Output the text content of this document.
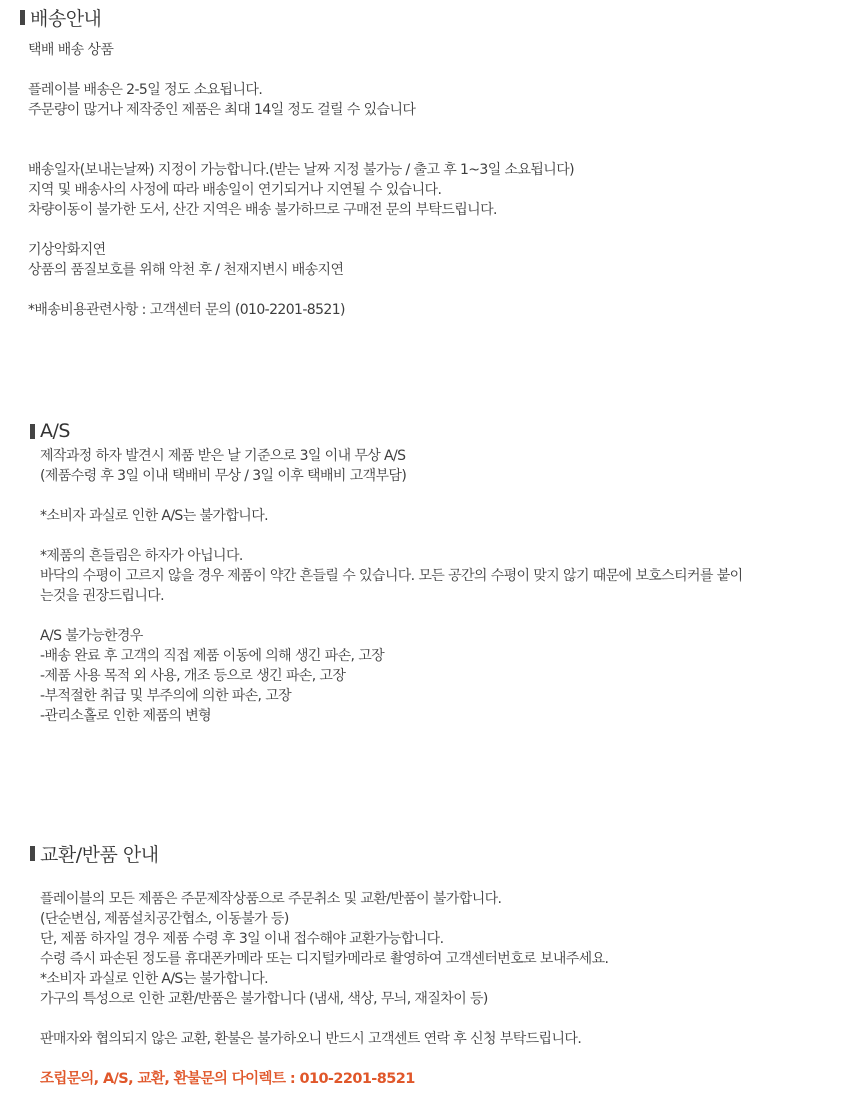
배송안내
택배 배송 상품
플레이블 배송은 2-5일 정도 소요됩니다.
주문량이 많거나 제작중인 제품은 최대 14일 정도 걸릴 수 있습니다
배송일자(보내는날짜) 지정이 가능합니다.(받는 날짜 지정 불가능 / 출고 후 1~3일 소요됩니다)
지역 및 배송사의 사정에 따라 배송일이 연기되거나 지연될 수 있습니다.
차량이동이 불가한 도서, 산간 지역은 배송 불가하므로 구매전 문의 부탁드립니다.
기상악화지연
상품의 품질보호를 위해 악천 후 / 천재지변시 배송지연
*배송비용관련사항 : 고객센터 문의 (010-2201-8521)
A/S
제작과정 하자 발견시 제품 받은 날 기준으로 3일 이내 무상 A/S
(제품수령 후 3일 이내 택배비 무상 / 3일 이후 택배비 고객부담)
*소비자 과실로 인한 A/S는 불가합니다.
*제품의 흔들림은 하자가 아닙니다.
바닥의 수평이 고르지 않을 경우 제품이 약간 흔들릴 수 있습니다. 모든 공간의 수평이 맞지 않기 때문에 보호스티커를 붙이
는것을 권장드립니다.
A/S 불가능한경우
-배송 완료 후 고객의 직접 제품 이동에 의해 생긴 파손, 고장
-제품 사용 목적 외 사용, 개조 등으로 생긴 파손, 고장
-부적절한 취급 및 부주의에 의한 파손, 고장
-관리소홀로 인한 제품의 변형
교환/반품 안내
플레이블의 모든 제품은 주문제작상품으로 주문취소 및 교환/반품이 불가합니다.
(단순변심, 제품설치공간협소, 이동불가 등)
단, 제품 하자일 경우 제품 수령 후 3일 이내 접수해야 교환가능합니다.
수령 즉시 파손된 정도를 휴대폰카메라 또는 디지털카메라로 촬영하여 고객센터번호로 보내주세요.
*소비자 과실로 인한 A/S는 불가합니다.
가구의 특성으로 인한 교환/반품은 불가합니다 (냄새, 색상, 무늬, 재질차이 등)
판매자와 협의되지 않은 교환, 환불은 불가하오니 반드시 고객센트 연락 후 신청 부탁드립니다.
조립문의, A/S, 교환, 환불문의 다이렉트 : 010-2201-8521
